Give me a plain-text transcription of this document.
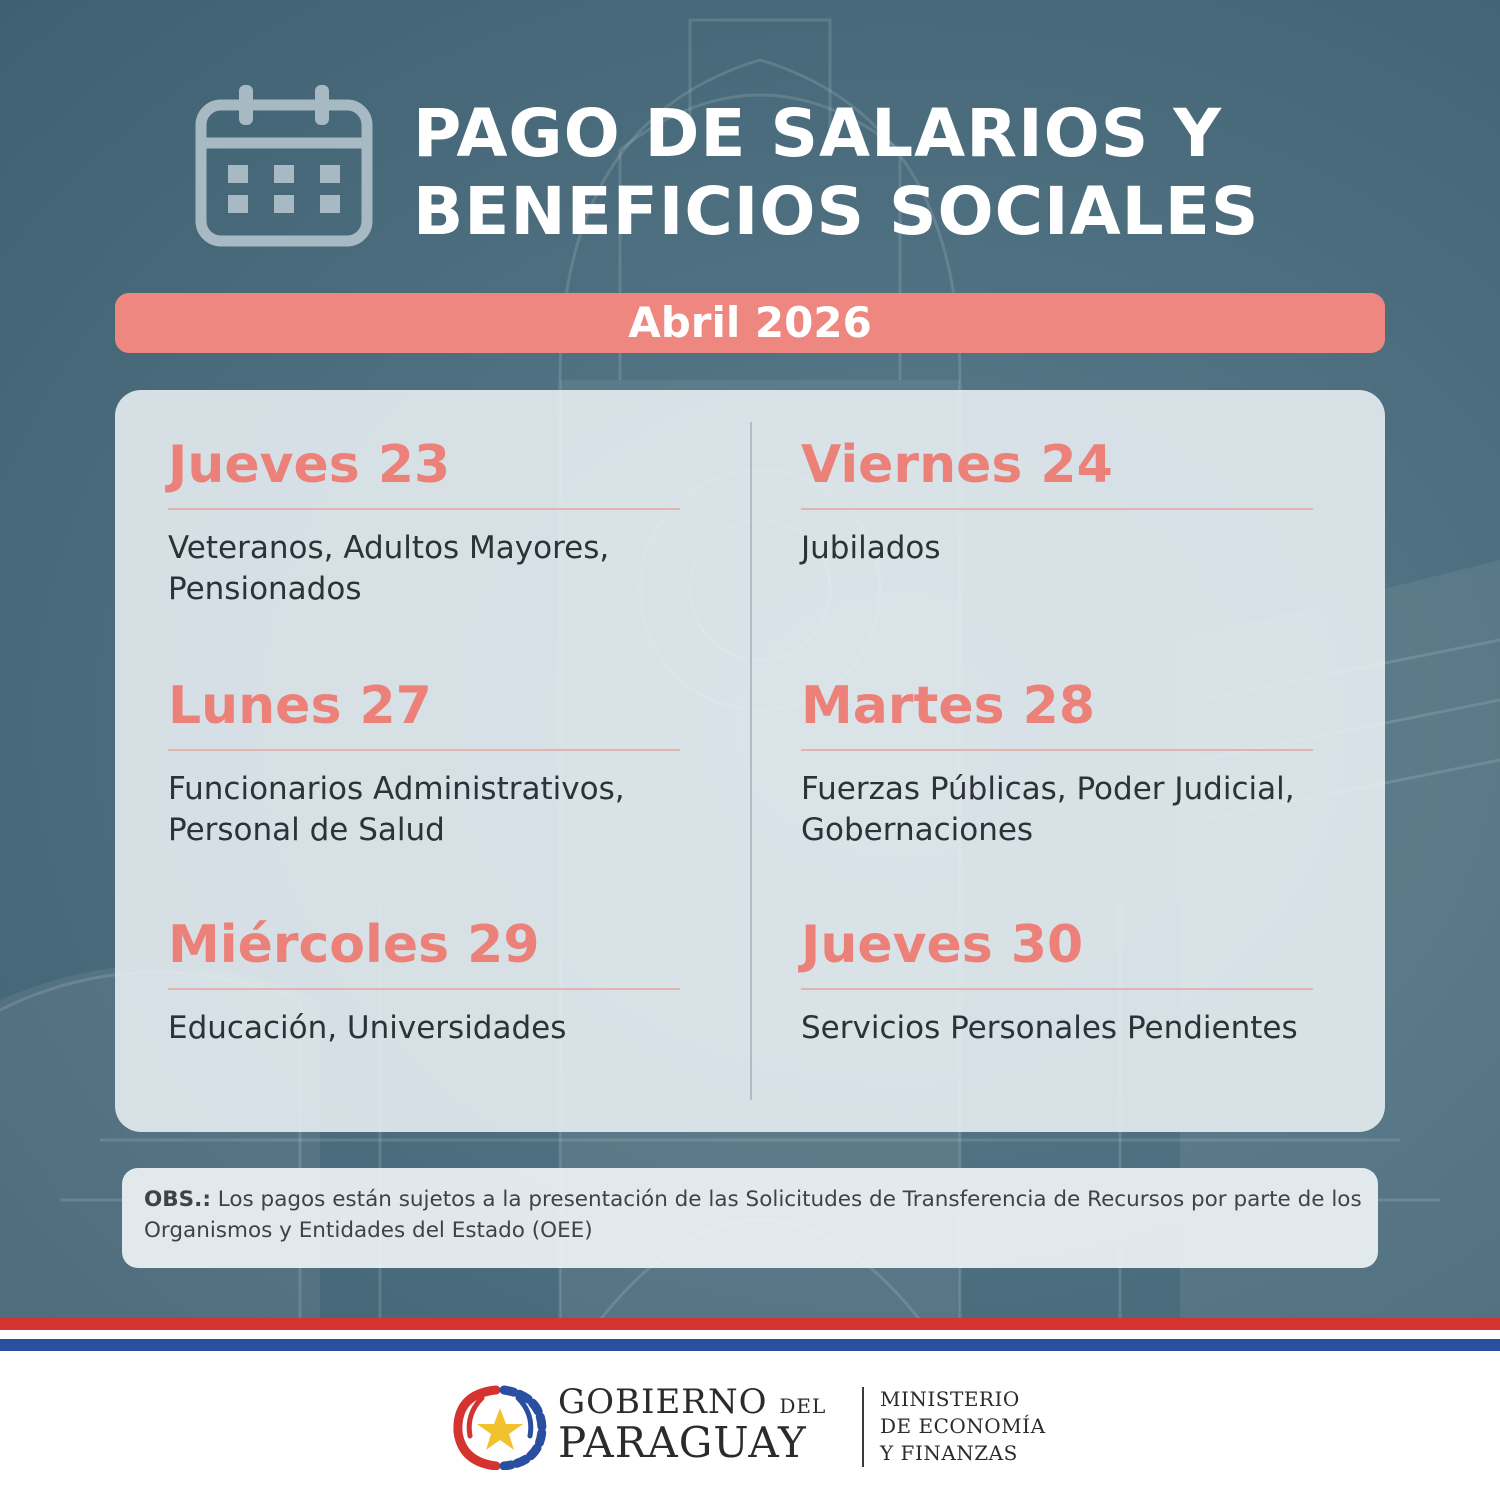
PAGO DE SALARIOS Y
BENEFICIOS SOCIALES
Abril 2026

Jueves 23

Veteranos, Adultos Mayores, Pensionados

Viernes 24

Jubilados

Lunes 27

Funcionarios Administrativos, Personal de Salud

Martes 28

Fuerzas Públicas, Poder Judicial, Gobernaciones

Miércoles 29

Educación, Universidades

Jueves 30

Servicios Personales Pendientes

OBS.: Los pagos están sujetos a la presentación de las Solicitudes de Transferencia de Recursos por parte de los Organismos y Entidades del Estado (OEE)

GOBIERNO DEL

PARAGUAY

MINISTERIO
DE ECONOMÍA
Y FINANZAS
